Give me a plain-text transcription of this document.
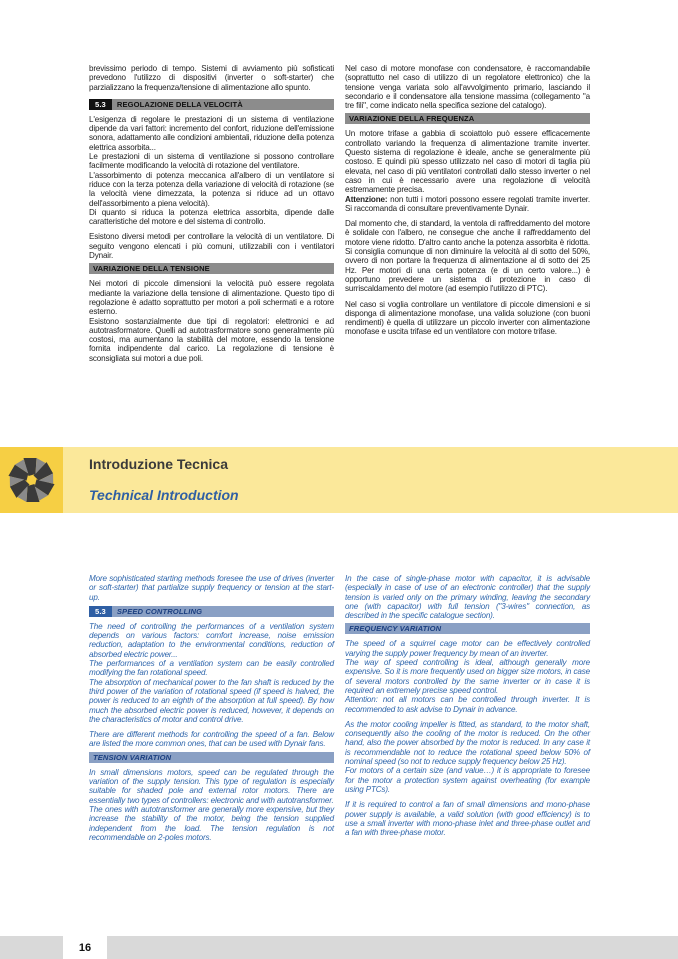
brevissimo periodo di tempo. Sistemi di avviamento più sofisticati prevedono l'utilizzo di dispositivi (inverter o soft-starter) che parzializzano la frequenza/tensione di alimentazione allo spunto.

5.3	REGOLAZIONE DELLA VELOCITÀ

L'esigenza di regolare le prestazioni di un sistema di ventilazione dipende da vari fattori: incremento del confort, riduzione dell'emissione sonora, adattamento alle condizioni ambientali, riduzione della potenza elettrica assorbita...

Le prestazioni di un sistema di ventilazione si possono controllare facilmente modificando la velocità di rotazione del ventilatore.

L'assorbimento di potenza meccanica all'albero di un ventilatore si riduce con la terza potenza della variazione di velocità di rotazione (se la velocità viene dimezzata, la potenza si riduce ad un ottavo dell'assorbimento a piena velocità).

Di quanto si riduca la potenza elettrica assorbita, dipende dalle caratteristiche del motore e del sistema di controllo.

Esistono diversi metodi per controllare la velocità di un ventilatore. Di seguito vengono elencati i più comuni, utilizzabili con i ventilatori Dynair.

VARIAZIONE DELLA TENSIONE

Nei motori di piccole dimensioni la velocità può essere regolata mediante la variazione della tensione di alimentazione. Questo tipo di regolazione è adatto soprattutto per motori a poli schermati e a rotore esterno.

Esistono sostanzialmente due tipi di regolatori: elettronici e ad autotrasformatore. Quelli ad autotrasformatore sono generalmente più costosi, ma aumentano la stabilità del motore, essendo la tensione fornita indipendente dal carico. La regolazione di tensione è sconsigliata sui motori a due poli.

Nel caso di motore monofase con condensatore, è raccomandabile (soprattutto nel caso di utilizzo di un regolatore elettronico) che la tensione venga variata solo all'avvolgimento primario, lasciando il secondario e il condensatore alla tensione massima (collegamento "a tre fili", come indicato nella specifica sezione del catalogo).

VARIAZIONE DELLA FREQUENZA

Un motore trifase a gabbia di scoiattolo può essere efficacemente controllato variando la frequenza di alimentazione tramite inverter. Questo sistema di regolazione è ideale, anche se generalmente più costoso. E quindi più spesso utilizzato nel caso di motori di taglia più elevata, nel caso di più ventilatori controllati dallo stesso inverter o nel caso in cui è necessario avere una regolazione di velocità estremamente precisa.

Attenzione: non tutti i motori possono essere regolati tramite inverter. Si raccomanda di consultare preventivamente Dynair.

Dal momento che, di standard, la ventola di raffreddamento del motore è solidale con l'albero, ne consegue che anche il raffreddamento del motore viene ridotto. D'altro canto anche la potenza assorbita è ridotta. Si consiglia comunque di non diminuire la velocità al di sotto del 50%, ovvero di non portare la frequenza di alimentazione al di sotto dei 25 Hz. Per motori di una certa potenza (e di un certo valore...) è opportuno prevedere un sistema di protezione in caso di surriscaldamento del motore (ad esempio l'utilizzo di PTC).

Nel caso si voglia controllare un ventilatore di piccole dimensioni e si disponga di alimentazione monofase, una valida soluzione (con buoni rendimenti) è quella di utilizzare un piccolo inverter con alimentazione monofase e uscita trifase ed un ventilatore con motore trifase.

Introduzione Tecnica
Technical Introduction

More sophisticated starting methods foresee the use of drives (inverter or soft-starter) that partialize supply frequency or tension at the start-up.

5.3	SPEED CONTROLLING

The need of controlling the performances of a ventilation system depends on various factors: comfort increase, noise emission reduction, adaptation to the environmental conditions, reduction of absorbed electric power...

The performances of a ventilation system can be easily controlled modifying the fan rotational speed.

The absorption of mechanical power to the fan shaft is reduced by the third power of the variation of rotational speed (if speed is halved, the power is reduced to an eighth of the absorption at full speed). By how much the absorbed electric power is reduced, however, it depends on the characteristics of motor and control drive.

There are different methods for controlling the speed of a fan. Below are listed the more common ones, that can be used with Dynair fans.

TENSION VARIATION

In small dimensions motors, speed can be regulated through the variation of the supply tension. This type of regulation is especially suitable for shaded pole and external rotor motors. There are essentially two types of controllers: electronic and with autotransformer.

The ones with autotransformer are generally more expensive, but they increase the stability of the motor, being the tension supplied independent from the load. The tension regulation is not recommendable on 2-poles motors.

In the case of single-phase motor with capacitor, it is advisable (especially in case of use of an electronic controller) that the supply tension is varied only on the primary winding, leaving the secondary one (with capacitor) with full tension ("3-wires" connection, as described in the specific catalogue section).

FREQUENCY VARIATION

The speed of a squirrel cage motor can be effectively controlled varying the supply power frequency by mean of an inverter.

The way of speed controlling is ideal, although generally more expensive. So it is more frequently used on bigger size motors, in case of several motors controlled by the same inverter or in case it is required an extremely precise speed control.

Attention: not all motors can be controlled through inverter. It is recommended to ask advise to Dynair in advance.

As the motor cooling impeller is fitted, as standard, to the motor shaft, consequently also the cooling of the motor is reduced. On the other hand, also the power absorbed by the motor is reduced. In any case it is recommendable not to reduce the rotational speed below 50% of nominal speed (so not to reduce supply frequency below 25 Hz).

For motors of a certain size (and value…) it is appropriate to foresee for the motor a protection system against overheating (for example using PTCs).

If it is required to control a fan of small dimensions and mono-phase power supply is available, a valid solution (with good efficiency) is to use a small inverter with mono-phase inlet and three-phase outlet and a fan with three-phase motor.

16
